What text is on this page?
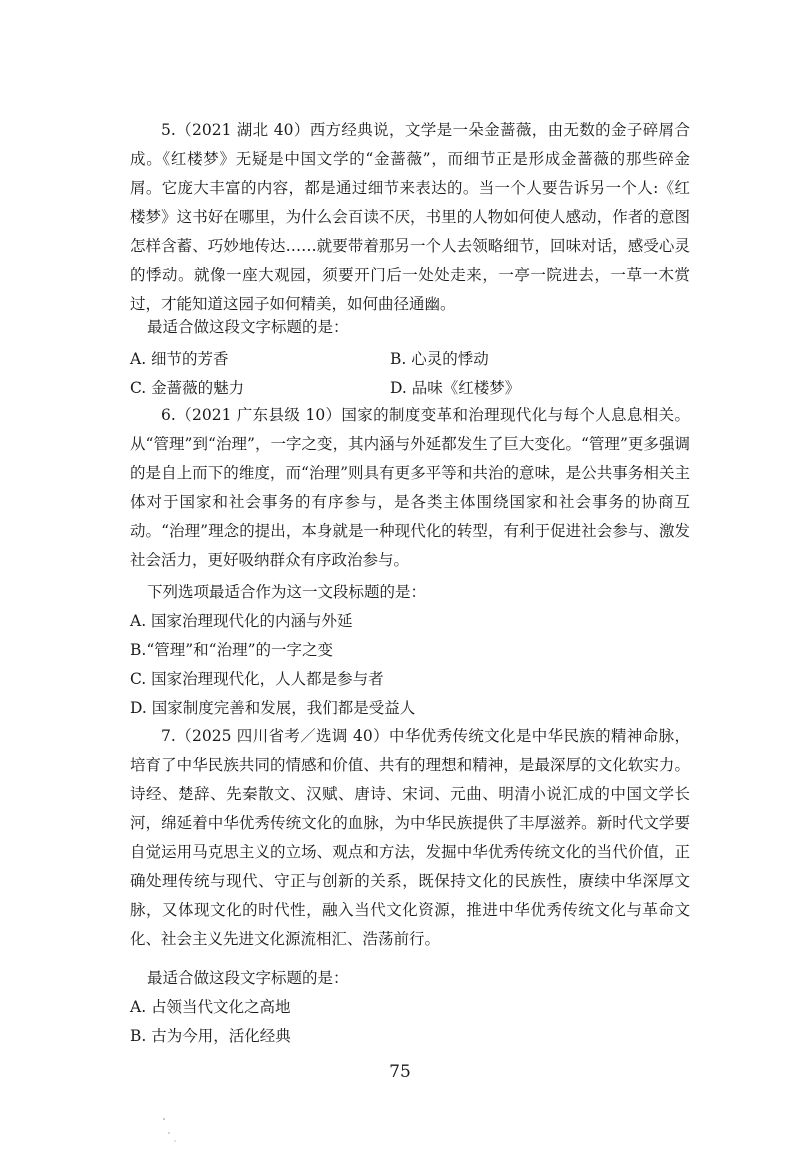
5.（2021 湖北 40）西方经典说，文学是一朵金蔷薇，由无数的金子碎屑合成。《红楼梦》无疑是中国文学的“金蔷薇”，而细节正是形成金蔷薇的那些碎金屑。它庞大丰富的内容，都是通过细节来表达的。当一个人要告诉另一个人:《红楼梦》这书好在哪里，为什么会百读不厌，书里的人物如何使人感动，作者的意图怎样含蓄、巧妙地传达……就要带着那另一个人去领略细节，回味对话，感受心灵的悸动。就像一座大观园，须要开门后一处处走来，一亭一院进去，一草一木赏过，才能知道这园子如何精美，如何曲径通幽。

最适合做这段文字标题的是：

A. 细节的芳香	B. 心灵的悸动

C. 金蔷薇的魅力	D. 品味《红楼梦》

6.（2021 广东县级 10）国家的制度变革和治理现代化与每个人息息相关。从“管理”到“治理”，一字之变，其内涵与外延都发生了巨大变化。“管理”更多强调的是自上而下的维度，而“治理”则具有更多平等和共治的意味，是公共事务相关主体对于国家和社会事务的有序参与，是各类主体围绕国家和社会事务的协商互动。“治理”理念的提出，本身就是一种现代化的转型，有利于促进社会参与、激发社会活力，更好吸纳群众有序政治参与。

下列选项最适合作为这一文段标题的是：

A. 国家治理现代化的内涵与外延

B.“管理”和“治理”的一字之变

C. 国家治理现代化，人人都是参与者

D. 国家制度完善和发展，我们都是受益人

7.（2025 四川省考／选调 40）中华优秀传统文化是中华民族的精神命脉，培育了中华民族共同的情感和价值、共有的理想和精神，是最深厚的文化软实力。诗经、楚辞、先秦散文、汉赋、唐诗、宋词、元曲、明清小说汇成的中国文学长河，绵延着中华优秀传统文化的血脉，为中华民族提供了丰厚滋养。新时代文学要自觉运用马克思主义的立场、观点和方法，发掘中华优秀传统文化的当代价值，正确处理传统与现代、守正与创新的关系，既保持文化的民族性，赓续中华深厚文脉，又体现文化的时代性，融入当代文化资源，推进中华优秀传统文化与革命文化、社会主义先进文化源流相汇、浩荡前行。

最适合做这段文字标题的是：

A. 占领当代文化之高地

B. 古为今用，活化经典

75
